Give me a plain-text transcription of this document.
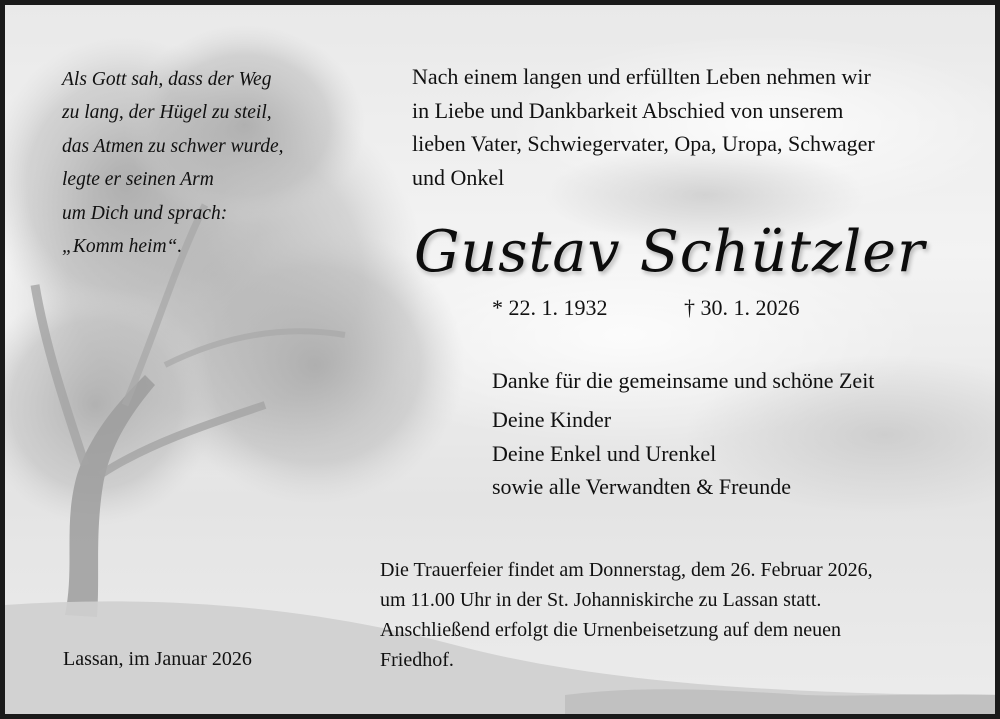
Als Gott sah, dass der Weg
zu lang, der Hügel zu steil,
das Atmen zu schwer wurde,
legte er seinen Arm
um Dich und sprach:
„Komm heim“.
Nach einem langen und erfüllten Leben nehmen wir
in Liebe und Dankbarkeit Abschied von unserem
lieben Vater, Schwiegervater, Opa, Uropa, Schwager
und Onkel
Gustav Schützler
* 22. 1. 1932	† 30. 1. 2026
Danke für die gemeinsame und schöne Zeit
Deine Kinder
Deine Enkel und Urenkel
sowie alle Verwandten & Freunde
Die Trauerfeier findet am Donnerstag, dem 26. Februar 2026,
um 11.00 Uhr in der St. Johanniskirche zu Lassan statt.
Anschließend erfolgt die Urnenbeisetzung auf dem neuen
Friedhof.
Lassan, im Januar 2026
